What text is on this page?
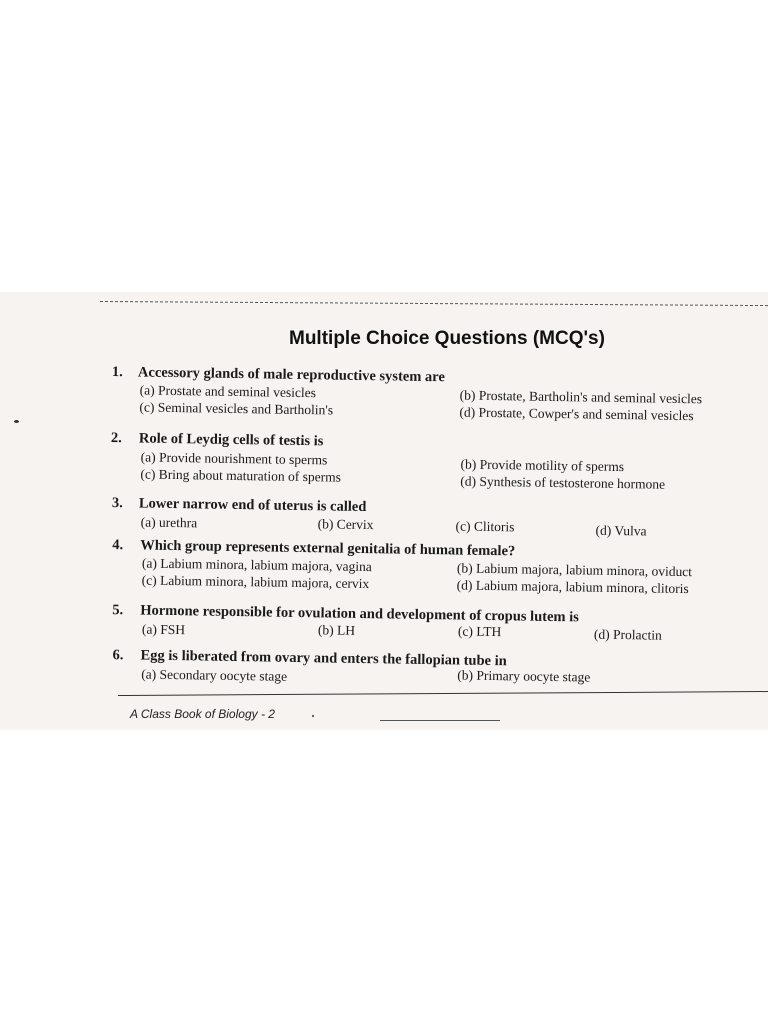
Multiple Choice Questions (MCQ's)
1. Accessory glands of male reproductive system are
(a) Prostate and seminal vesicles	(b) Prostate, Bartholin's and seminal vesicles
(c) Seminal vesicles and Bartholin's	(d) Prostate, Cowper's and seminal vesicles
2. Role of Leydig cells of testis is
(a) Provide nourishment to sperms	(b) Provide motility of sperms
(c) Bring about maturation of sperms	(d) Synthesis of testosterone hormone
3. Lower narrow end of uterus is called
(a) urethra	(b) Cervix	(c) Clitoris	(d) Vulva
4. Which group represents external genitalia of human female?
(a) Labium minora, labium majora, vagina	(b) Labium majora, labium minora, oviduct
(c) Labium minora, labium majora, cervix	(d) Labium majora, labium minora, clitoris
5. Hormone responsible for ovulation and development of cropus lutem is
(a) FSH	(b) LH	(c) LTH	(d) Prolactin
6. Egg is liberated from ovary and enters the fallopian tube in
(a) Secondary oocyte stage	(b) Primary oocyte stage
A Class Book of Biology - 2
